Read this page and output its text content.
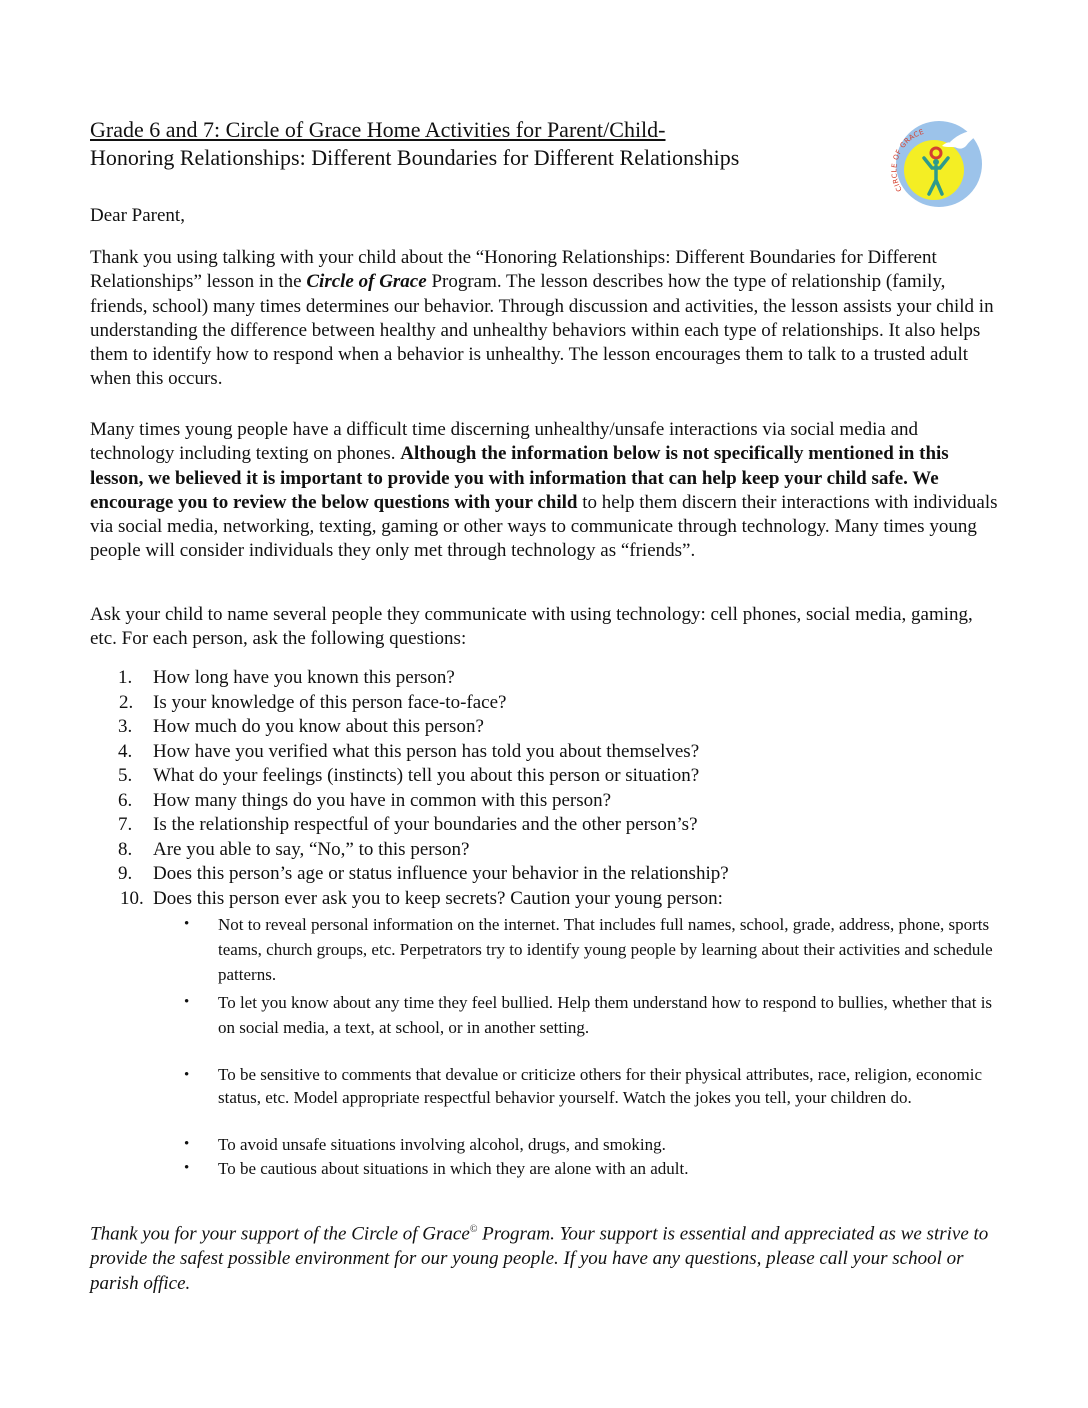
Grade 6 and 7: Circle of Grace Home Activities for Parent/Child-
Honoring Relationships: Different Boundaries for Different Relationships
CIRCLE OF GRACE
Dear Parent,

Thank you using talking with your child about the “Honoring Relationships: Different Boundaries for Different Relationships” lesson in the Circle of Grace Program. The lesson describes how the type of relationship (family, friends, school) many times determines our behavior. Through discussion and activities, the lesson assists your child in understanding the difference between healthy and unhealthy behaviors within each type of relationships. It also helps them to identify how to respond when a behavior is unhealthy. The lesson encourages them to talk to a trusted adult when this occurs.

Many times young people have a difficult time discerning unhealthy/unsafe interactions via social media and technology including texting on phones. Although the information below is not specifically mentioned in this lesson, we believed it is important to provide you with information that can help keep your child safe. We encourage you to review the below questions with your child to help them discern their interactions with individuals via social media, networking, texting, gaming or other ways to communicate through technology. Many times young people will consider individuals they only met through technology as “friends”.

Ask your child to name several people they communicate with using technology: cell phones, social media, gaming, etc. For each person, ask the following questions:

1.	How long have you known this person?
2.	Is your knowledge of this person face-to-face?
3.	How much do you know about this person?
4.	How have you verified what this person has told you about themselves?
5.	What do your feelings (instincts) tell you about this person or situation?
6.	How many things do you have in common with this person?
7.	Is the relationship respectful of your boundaries and the other person’s?
8.	Are you able to say, “No,” to this person?
9.	Does this person’s age or status influence your behavior in the relationship?
10. Does this person ever ask you to keep secrets? Caution your young person:
• Not to reveal personal information on the internet. That includes full names, school, grade, address, phone, sports teams, church groups, etc. Perpetrators try to identify young people by learning about their activities and schedule patterns.
• To let you know about any time they feel bullied. Help them understand how to respond to bullies, whether that is on social media, a text, at school, or in another setting.
• To be sensitive to comments that devalue or criticize others for their physical attributes, race, religion, economic status, etc. Model appropriate respectful behavior yourself. Watch the jokes you tell, your children do.
• To avoid unsafe situations involving alcohol, drugs, and smoking.
• To be cautious about situations in which they are alone with an adult.

Thank you for your support of the Circle of Grace© Program. Your support is essential and appreciated as we strive to provide the safest possible environment for our young people. If you have any questions, please call your school or parish office.
